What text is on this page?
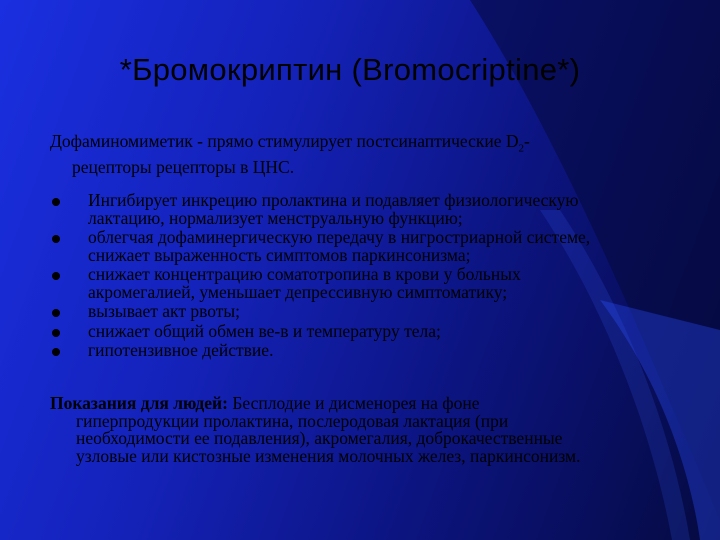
*Бромокриптин (Bromocriptine*)
Дофаминомиметик - прямо стимулирует постсинаптические $D_2-$
рецепторы рецепторы в ЦНС.
Ингибирует инкрецию пролактина и подавляет физиологическую
лактацию, нормализует менструальную функцию;
облегчая дофаминергическую передачу в нигростриарной системе,
снижает выраженность симптомов паркинсонизма;
снижает концентрацию соматотропина в крови у больных
акромегалией, уменьшает депрессивную симптоматику;
вызывает акт рвоты;
снижает общий обмен ве-в и температуру тела;
гипотензивное действие.
Показания для людей: Бесплодие и дисменорея на фоне
гиперпродукции пролактина, послеродовая лактация (при
необходимости ее подавления), акромегалия, доброкачественные
узловые или кистозные изменения молочных желез, паркинсонизм.
